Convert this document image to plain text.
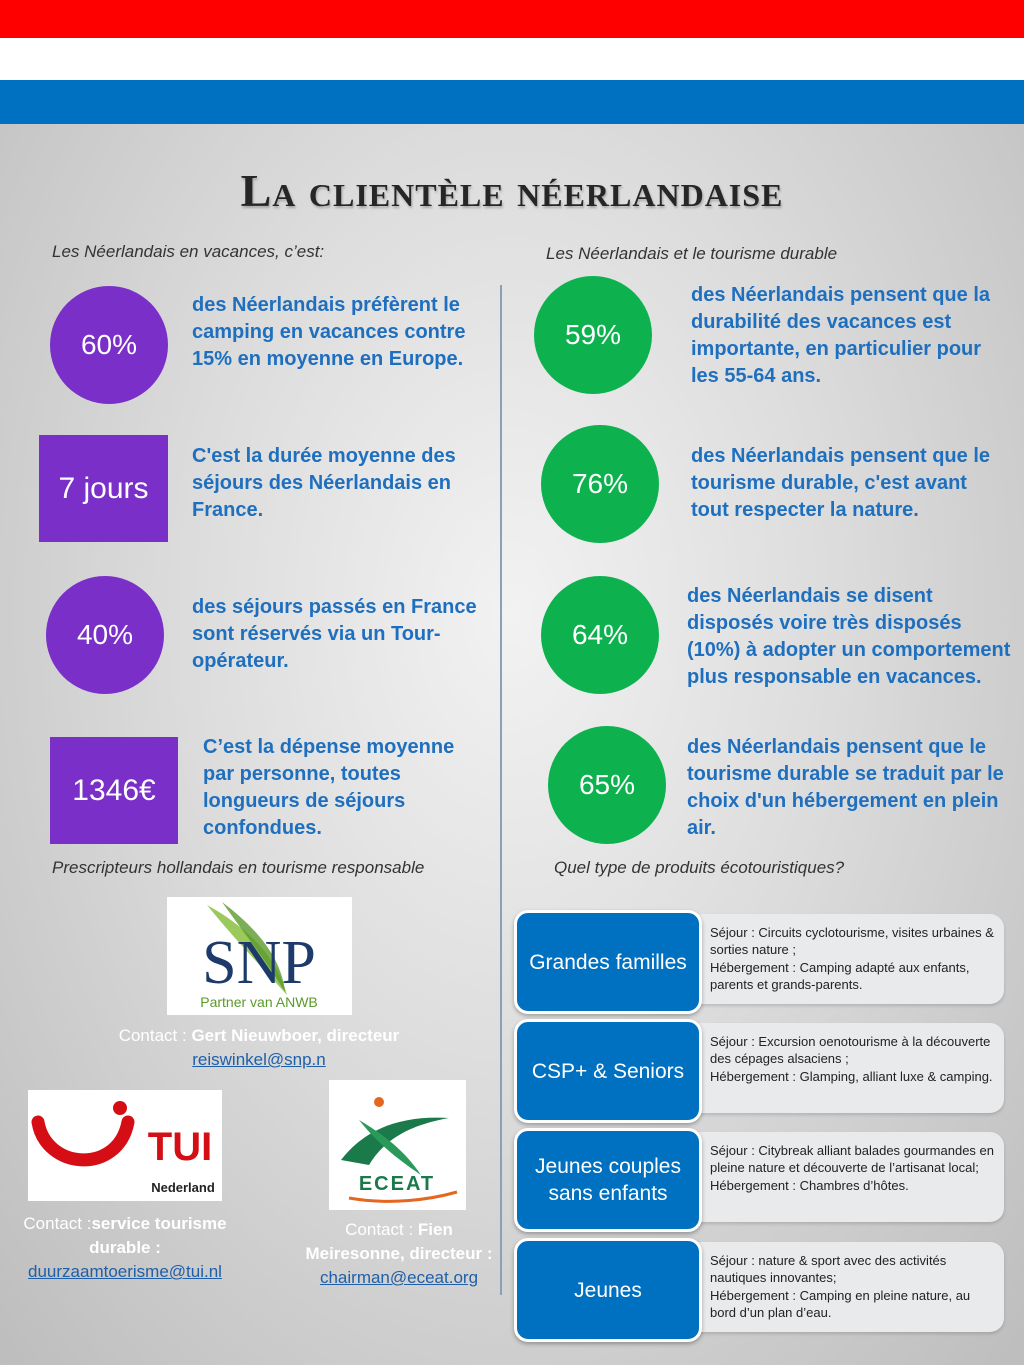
La clientèle néerlandaise
Les Néerlandais en vacances, c’est:	Les Néerlandais et le tourisme durable
60%
des Néerlandais préfèrent le camping en vacances contre 15% en moyenne en Europe.
7 jours
C'est la durée moyenne des séjours des Néerlandais en France.
40%
des séjours passés en France sont réservés via un Tour-opérateur.
1346€
C’est la dépense moyenne par personne, toutes longueurs de séjours confondues.
59%
des Néerlandais pensent que la durabilité des vacances est importante, en particulier pour les 55-64 ans.
76%
des Néerlandais pensent que le tourisme durable, c'est avant tout respecter la nature.
64%
des Néerlandais se disent disposés voire très disposés (10%) à adopter un comportement plus responsable en vacances.
65%
des Néerlandais pensent que le tourisme durable se traduit par le choix d'un hébergement en plein air.
Prescripteurs hollandais en tourisme responsable	Quel type de produits écotouristiques?
SNP
Partner van ANWB
Contact : Gert Nieuwboer, directeur
reiswinkel@snp.n
TUI
Nederland
Contact :service tourisme durable :
duurzaamtoerisme@tui.nl
ECEAT
Contact : Fien Meiresonne, directeur :
chairman@eceat.org
• Séjour : Circuits cyclotourisme, visites urbaines & sorties nature ;
• Hébergement : Camping adapté aux enfants, parents et grands-parents.
Grandes familles
• Séjour : Excursion oenotourisme à la découverte des cépages alsaciens ;
• Hébergement : Glamping, alliant luxe & camping.
CSP+ & Seniors
• Séjour : Citybreak alliant balades gourmandes en pleine nature et découverte de l’artisanat local;
• Hébergement : Chambres d’hôtes.
Jeunes couples sans enfants
• Séjour : nature & sport avec des activités nautiques innovantes;
• Hébergement : Camping en pleine nature, au bord d’un plan d’eau.
Jeunes
